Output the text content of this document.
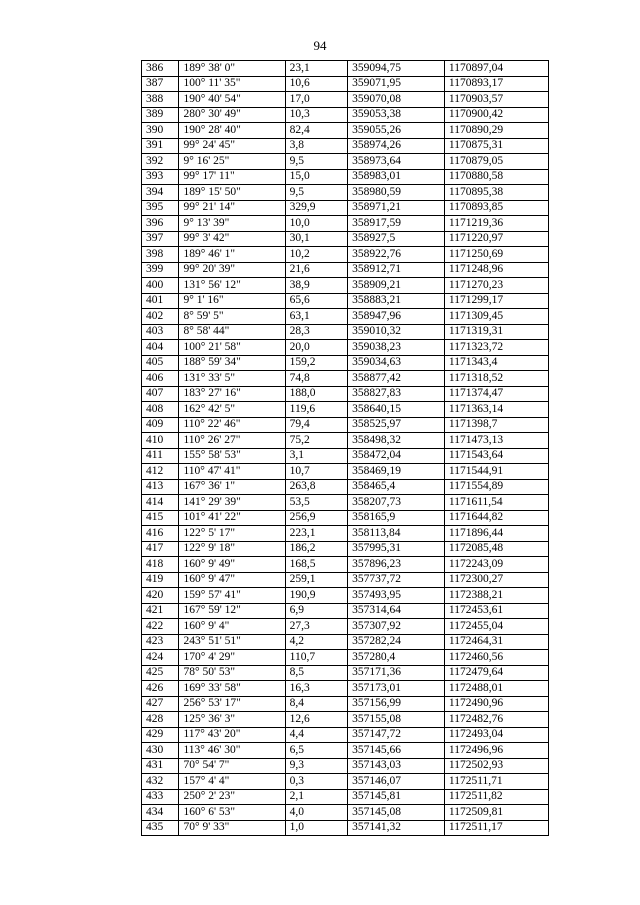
94
386	189° 38' 0"	23,1	359094,75	1170897,04
387	100° 11' 35"	10,6	359071,95	1170893,17
388	190° 40' 54"	17,0	359070,08	1170903,57
389	280° 30' 49"	10,3	359053,38	1170900,42
390	190° 28' 40"	82,4	359055,26	1170890,29
391	99° 24' 45"	3,8	358974,26	1170875,31
392	9° 16' 25"	9,5	358973,64	1170879,05
393	99° 17' 11"	15,0	358983,01	1170880,58
394	189° 15' 50"	9,5	358980,59	1170895,38
395	99° 21' 14"	329,9	358971,21	1170893,85
396	9° 13' 39"	10,0	358917,59	1171219,36
397	99° 3' 42"	30,1	358927,5	1171220,97
398	189° 46' 1"	10,2	358922,76	1171250,69
399	99° 20' 39"	21,6	358912,71	1171248,96
400	131° 56' 12"	38,9	358909,21	1171270,23
401	9° 1' 16"	65,6	358883,21	1171299,17
402	8° 59' 5"	63,1	358947,96	1171309,45
403	8° 58' 44"	28,3	359010,32	1171319,31
404	100° 21' 58"	20,0	359038,23	1171323,72
405	188° 59' 34"	159,2	359034,63	1171343,4
406	131° 33' 5"	74,8	358877,42	1171318,52
407	183° 27' 16"	188,0	358827,83	1171374,47
408	162° 42' 5"	119,6	358640,15	1171363,14
409	110° 22' 46"	79,4	358525,97	1171398,7
410	110° 26' 27"	75,2	358498,32	1171473,13
411	155° 58' 53"	3,1	358472,04	1171543,64
412	110° 47' 41"	10,7	358469,19	1171544,91
413	167° 36' 1"	263,8	358465,4	1171554,89
414	141° 29' 39"	53,5	358207,73	1171611,54
415	101° 41' 22"	256,9	358165,9	1171644,82
416	122° 5' 17"	223,1	358113,84	1171896,44
417	122° 9' 18"	186,2	357995,31	1172085,48
418	160° 9' 49"	168,5	357896,23	1172243,09
419	160° 9' 47"	259,1	357737,72	1172300,27
420	159° 57' 41"	190,9	357493,95	1172388,21
421	167° 59' 12"	6,9	357314,64	1172453,61
422	160° 9' 4"	27,3	357307,92	1172455,04
423	243° 51' 51"	4,2	357282,24	1172464,31
424	170° 4' 29"	110,7	357280,4	1172460,56
425	78° 50' 53"	8,5	357171,36	1172479,64
426	169° 33' 58"	16,3	357173,01	1172488,01
427	256° 53' 17"	8,4	357156,99	1172490,96
428	125° 36' 3"	12,6	357155,08	1172482,76
429	117° 43' 20"	4,4	357147,72	1172493,04
430	113° 46' 30"	6,5	357145,66	1172496,96
431	70° 54' 7"	9,3	357143,03	1172502,93
432	157° 4' 4"	0,3	357146,07	1172511,71
433	250° 2' 23"	2,1	357145,81	1172511,82
434	160° 6' 53"	4,0	357145,08	1172509,81
435	70° 9' 33"	1,0	357141,32	1172511,17
